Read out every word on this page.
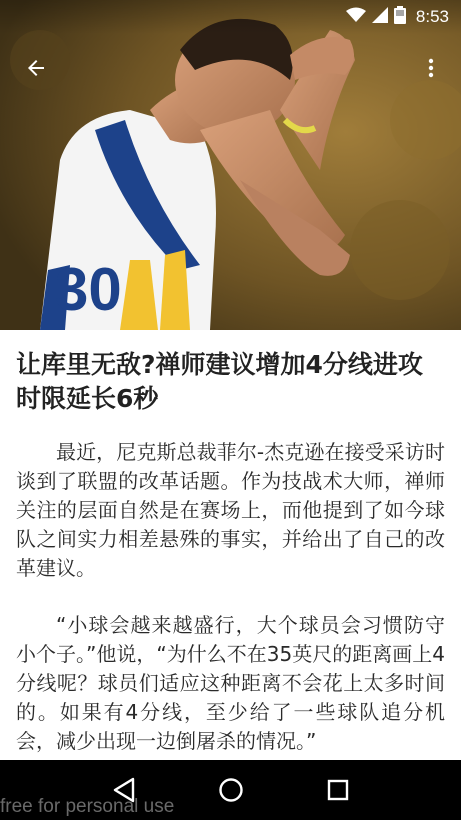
30
8:53
让库里无敌?禅师建议增加4分线进攻时限延长6秒

最近，尼克斯总裁菲尔-杰克逊在接受采访时谈到了联盟的改革话题。作为技战术大师，禅师关注的层面自然是在赛场上，而他提到了如今球队之间实力相差悬殊的事实，并给出了自己的改革建议。

“小球会越来越盛行，大个球员会习惯防守小个子。”他说，“为什么不在35英尺的距离画上4分线呢？球员们适应这种距离不会花上太多时间的。如果有4分线，至少给了一些球队追分机会，减少出现一边倒屠杀的情况。”

free for personal use
